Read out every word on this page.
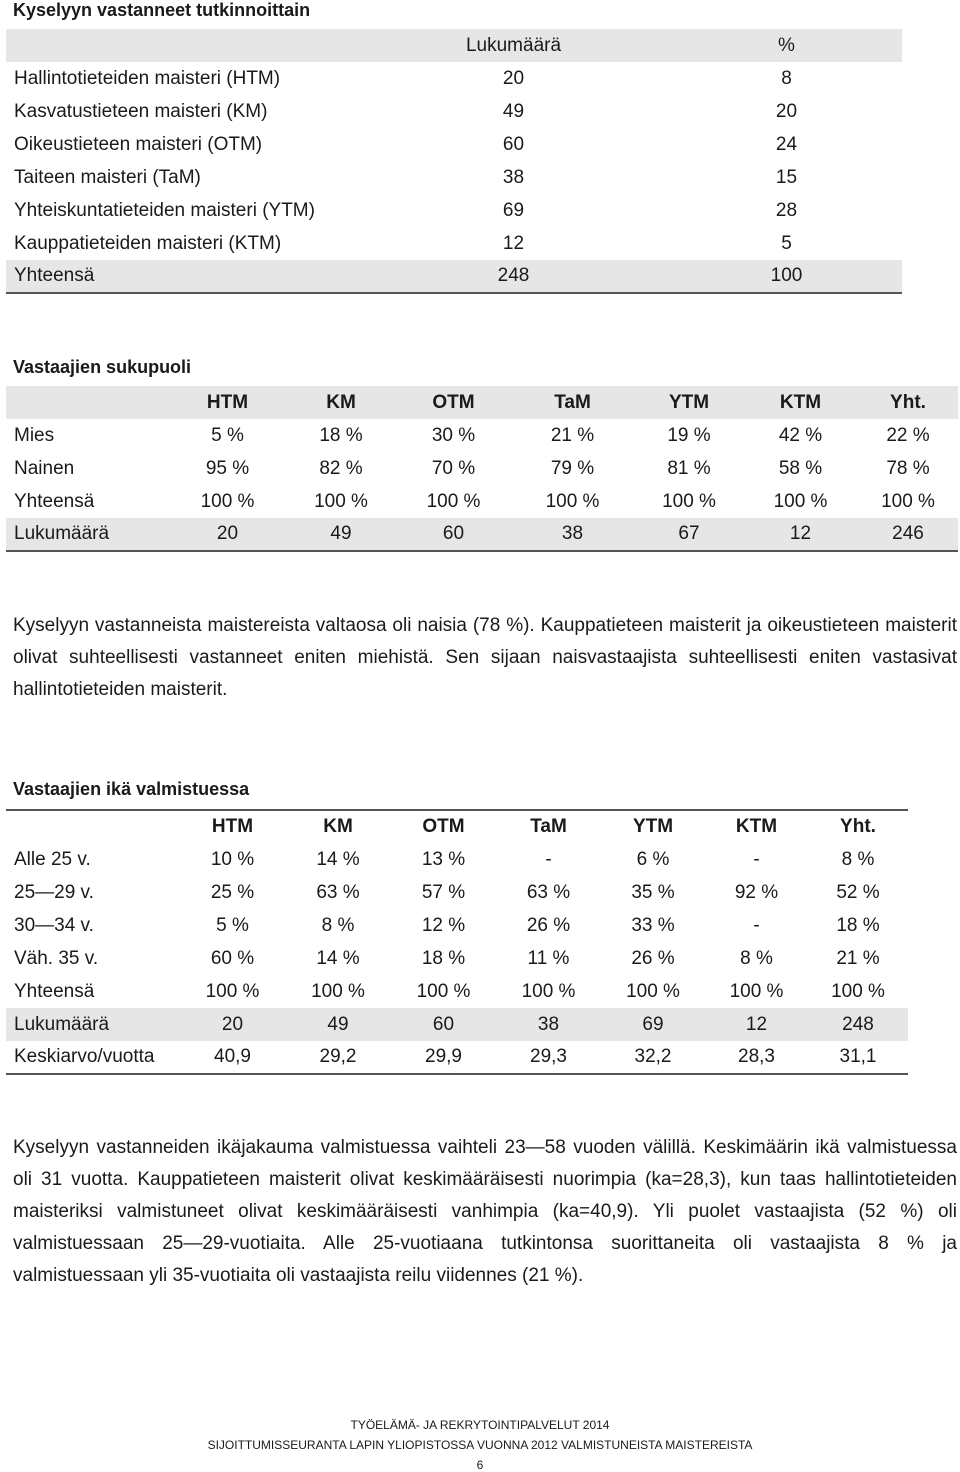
Kyselyyn vastanneet tutkinnoittain
	Lukumäärä	%
Hallintotieteiden maisteri (HTM)	20	8
Kasvatustieteen maisteri (KM)	49	20
Oikeustieteen maisteri (OTM)	60	24
Taiteen maisteri (TaM)	38	15
Yhteiskuntatieteiden maisteri (YTM)	69	28
Kauppatieteiden maisteri (KTM)	12	5
Yhteensä	248	100
Vastaajien sukupuoli
	HTM	KM	OTM	TaM	YTM	KTM	Yht.
Mies	5 %	18 %	30 %	21 %	19 %	42 %	22 %
Nainen	95 %	82 %	70 %	79 %	81 %	58 %	78 %
Yhteensä	100 %	100 %	100 %	100 %	100 %	100 %	100 %
Lukumäärä	20	49	60	38	67	12	246
Kyselyyn vastanneista maistereista valtaosa oli naisia (78 %). Kauppatieteen maisterit ja oikeustieteen maisterit olivat suhteellisesti vastanneet eniten miehistä. Sen sijaan naisvastaajista suhteellisesti eniten vastasivat hallintotieteiden maisterit.
Vastaajien ikä valmistuessa
	HTM	KM	OTM	TaM	YTM	KTM	Yht.
Alle 25 v.	10 %	14 %	13 %	-	6 %	-	8 %
25—29 v.	25 %	63 %	57 %	63 %	35 %	92 %	52 %
30—34 v.	5 %	8 %	12 %	26 %	33 %	-	18 %
Väh. 35 v.	60 %	14 %	18 %	11 %	26 %	8 %	21 %
Yhteensä	100 %	100 %	100 %	100 %	100 %	100 %	100 %
Lukumäärä	20	49	60	38	69	12	248
Keskiarvo/vuotta	40,9	29,2	29,9	29,3	32,2	28,3	31,1
Kyselyyn vastanneiden ikäjakauma valmistuessa vaihteli 23—58 vuoden välillä. Keskimäärin ikä valmistuessa oli 31 vuotta. Kauppatieteen maisterit olivat keskimääräisesti nuorimpia (ka=28,3), kun taas hallintotieteiden maisteriksi valmistuneet olivat keskimääräisesti vanhimpia (ka=40,9). Yli puolet vastaajista (52 %) oli valmistuessaan 25—29-vuotiaita. Alle 25-vuotiaana tutkintonsa suorittaneita oli vastaajista 8 % ja valmistuessaan yli 35-vuotiaita oli vastaajista reilu viidennes (21 %).
TYÖELÄMÄ- JA REKRYTOINTIPALVELUT 2014
SIJOITTUMISSEURANTA LAPIN YLIOPISTOSSA VUONNA 2012 VALMISTUNEISTA MAISTEREISTA
6
